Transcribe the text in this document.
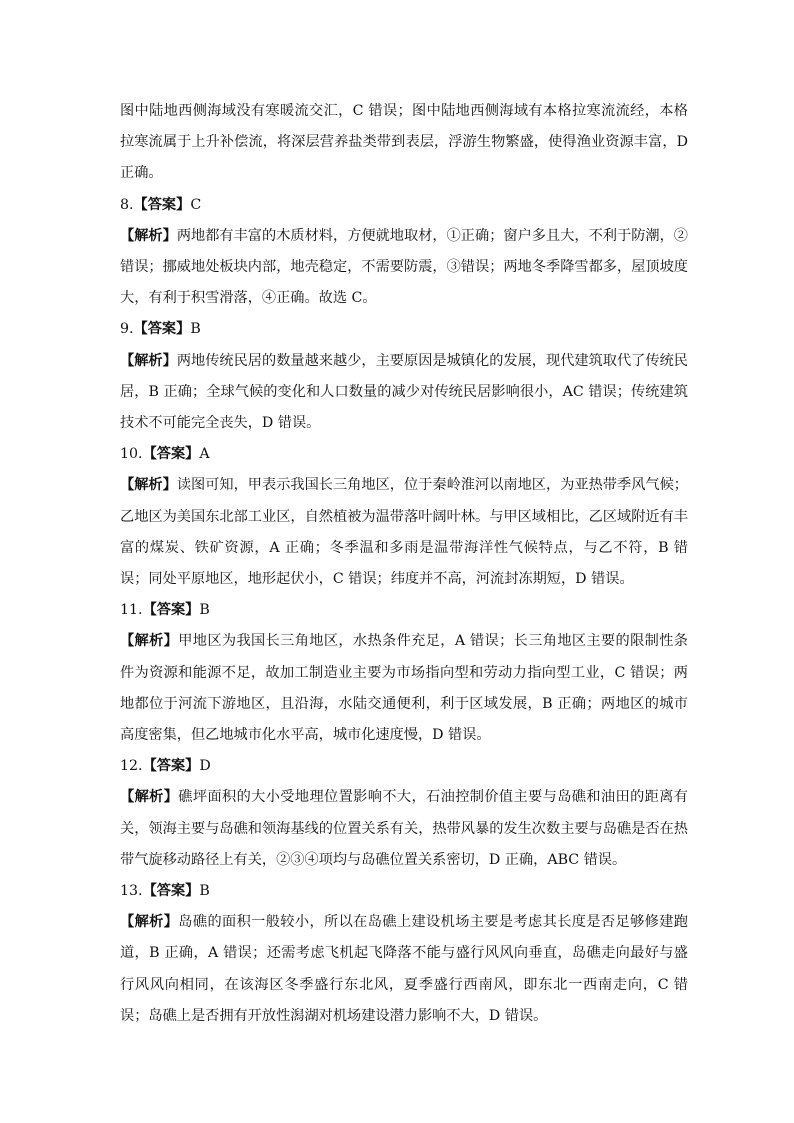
图中陆地西侧海域没有寒暖流交汇，C 错误；图中陆地西侧海域有本格拉寒流流经，本格拉寒流属于上升补偿流，将深层营养盐类带到表层，浮游生物繁盛，使得渔业资源丰富，D 正确。

8.【答案】C

【解析】两地都有丰富的木质材料，方便就地取材，①正确；窗户多且大，不利于防潮，②错误；挪威地处板块内部，地壳稳定，不需要防震，③错误；两地冬季降雪都多，屋顶坡度大，有利于积雪滑落，④正确。故选 C。

9.【答案】B

【解析】两地传统民居的数量越来越少，主要原因是城镇化的发展，现代建筑取代了传统民居，B 正确；全球气候的变化和人口数量的减少对传统民居影响很小，AC 错误；传统建筑技术不可能完全丧失，D 错误。

10.【答案】A

【解析】读图可知，甲表示我国长三角地区，位于秦岭淮河以南地区，为亚热带季风气候；乙地区为美国东北部工业区，自然植被为温带落叶阔叶林。与甲区域相比，乙区域附近有丰富的煤炭、铁矿资源，A 正确；冬季温和多雨是温带海洋性气候特点，与乙不符，B 错误；同处平原地区，地形起伏小，C 错误；纬度并不高，河流封冻期短，D 错误。

11.【答案】B

【解析】甲地区为我国长三角地区，水热条件充足，A 错误；长三角地区主要的限制性条件为资源和能源不足，故加工制造业主要为市场指向型和劳动力指向型工业，C 错误；两地都位于河流下游地区，且沿海，水陆交通便利，利于区域发展，B 正确；两地区的城市高度密集，但乙地城市化水平高，城市化速度慢，D 错误。

12.【答案】D

【解析】礁坪面积的大小受地理位置影响不大，石油控制价值主要与岛礁和油田的距离有关，领海主要与岛礁和领海基线的位置关系有关，热带风暴的发生次数主要与岛礁是否在热带气旋移动路径上有关，②③④项均与岛礁位置关系密切，D 正确，ABC 错误。

13.【答案】B

【解析】岛礁的面积一般较小，所以在岛礁上建设机场主要是考虑其长度是否足够修建跑道，B 正确，A 错误；还需考虑飞机起飞降落不能与盛行风风向垂直，岛礁走向最好与盛行风风向相同，在该海区冬季盛行东北风，夏季盛行西南风，即东北一西南走向，C 错误；岛礁上是否拥有开放性潟湖对机场建设潜力影响不大，D 错误。
